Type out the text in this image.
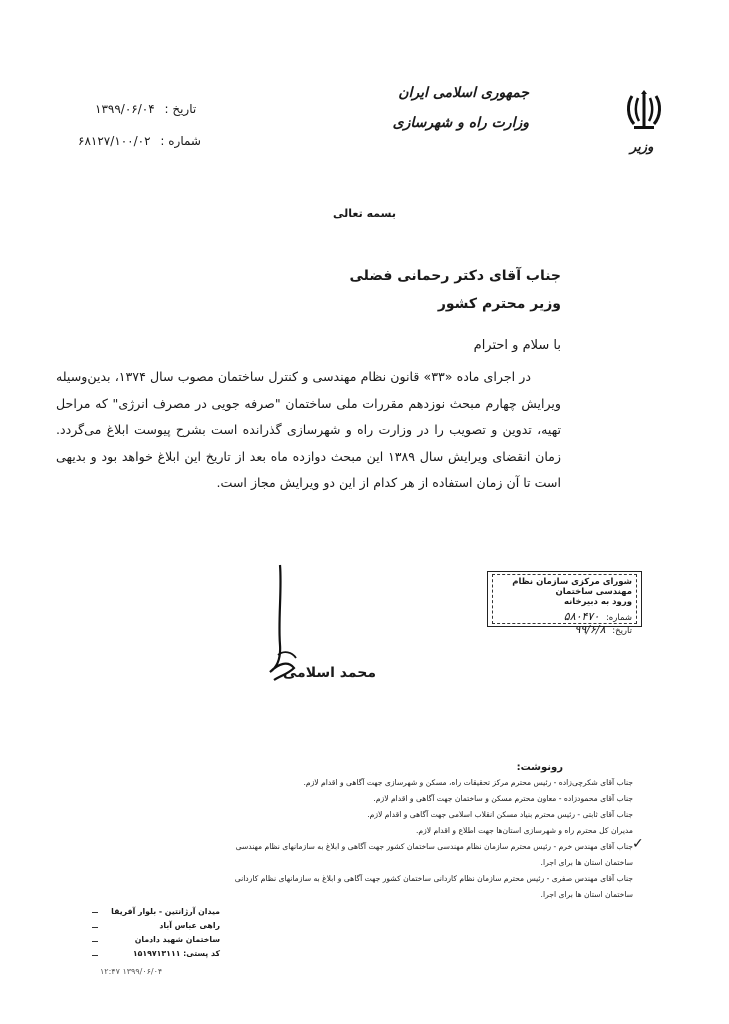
وزیر
جمهوری اسلامی ایران
وزارت راه و شهرسازی
تاریخ : ۱۳۹۹/۰۶/۰۴
شماره : ۶۸۱۲۷/۱۰۰/۰۲
بسمه تعالی
جناب آقای دکتر رحمانی فضلی
وزیر محترم کشور
با سلام و احترام

در اجرای ماده «۳۳» قانون نظام مهندسی و کنترل ساختمان مصوب سال ۱۳۷۴، بدین‌وسیله ویرایش چهارم مبحث نوزدهم مقررات ملی ساختمان "صرفه جویی در مصرف انرژی" که مراحل تهیه، تدوین و تصویب را در وزارت راه و شهرسازی گذرانده است بشرح پیوست ابلاغ می‌گردد. زمان انقضای ویرایش سال ۱۳۸۹ این مبحث دوازده ماه بعد از تاریخ این ابلاغ خواهد بود و بدیهی است تا آن زمان استفاده از هر کدام از این دو ویرایش مجاز است.

شورای مرکزی سازمان نظام مهندسی ساختمان
ورود به دبیرخانه
شماره: ۵۸۰۴۷۰
تاریخ: ۹۹/۶/۸
محمد اسلامی
رونوشت:
جناب آقای شکرچی‌زاده - رئیس محترم مرکز تحقیقات راه، مسکن و شهرسازی جهت آگاهی و اقدام لازم.
جناب آقای محمودزاده - معاون محترم مسکن و ساختمان جهت آگاهی و اقدام لازم.
جناب آقای ثابتی - رئیس محترم بنیاد مسکن انقلاب اسلامی جهت آگاهی و اقدام لازم.
مدیران کل محترم راه و شهرسازی استان‌ها جهت اطلاع و اقدام لازم.
جناب آقای مهندس خرم - رئیس محترم سازمان نظام مهندسی ساختمان کشور جهت آگاهی و ابلاغ به سازمانهای نظام مهندسی
ساختمان استان ها برای اجرا.
جناب آقای مهندس صفری - رئیس محترم سازمان نظام کاردانی ساختمان کشور جهت آگاهی و ابلاغ به سازمانهای نظام کاردانی
ساختمان استان ها برای اجرا.
✓
میدان آرژانتین - بلوار آفریقا
راهی عباس آباد
ساختمان شهید دادمان
کد پستی: ۱۵۱۹۷۱۳۱۱۱
۱۳۹۹/۰۶/۰۴ ۱۲:۴۷
